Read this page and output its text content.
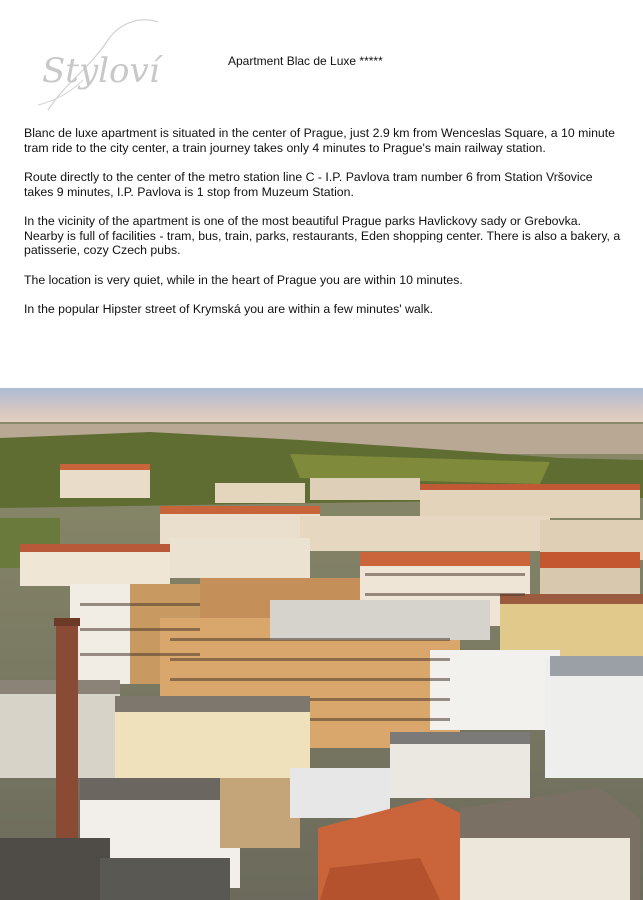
Styloví	Apartment Blac de Luxe *****

Blanc de luxe apartment is situated in the center of Prague, just 2.9 km from Wenceslas Square, a 10 minute tram ride to the city center, a train journey takes only 4 minutes to Prague's main railway station.

Route directly to the center of the metro station line C - I.P. Pavlova tram number 6 from Station Vršovice takes 9 minutes, I.P. Pavlova is 1 stop from Muzeum Station.

In the vicinity of the apartment is one of the most beautiful Prague parks Havlickovy sady or Grebovka. Nearby is full of facilities - tram, bus, train, parks, restaurants, Eden shopping center. There is also a bakery, a patisserie, cozy Czech pubs.

The location is very quiet, while in the heart of Prague you are within 10 minutes.

In the popular Hipster street of Krymská you are within a few minutes' walk.
